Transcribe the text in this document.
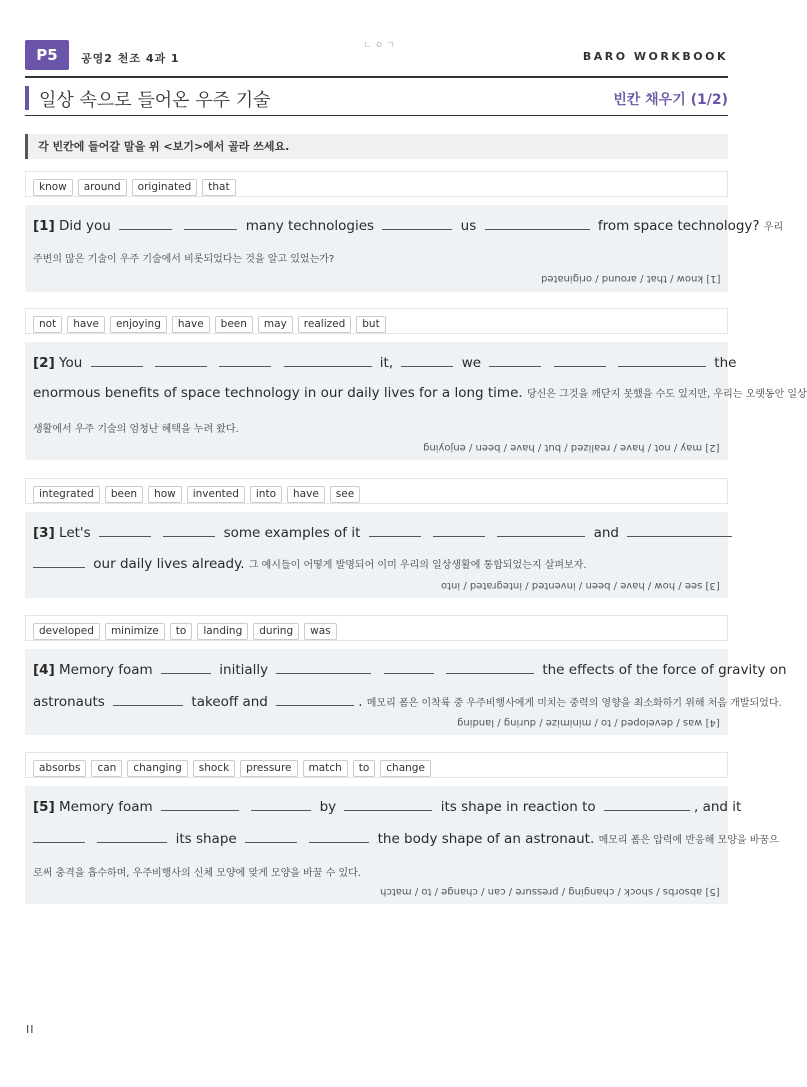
P5	공영2 천조 4과 1
ㄴㅇㄱ
BARO WORKBOOK
일상 속으로 들어온 우주 기술	빈칸 채우기 (1/2)
각 빈칸에 들어갈 말을 위 <보기>에서 골라 쓰세요.
know around originated that
[1] Did you	many technologies	us	from space technology? 우리
주변의 많은 기술이 우주 기술에서 비롯되었다는 것을 알고 있었는가?
[1] know / that / around / originated
not have enjoying have been may realized but
[2] You	it,	we	the
enormous benefits of space technology in our daily lives for a long time. 당신은 그것을 깨닫지 못했을 수도 있지만, 우리는 오랫동안 일상
생활에서 우주 기술의 엄청난 혜택을 누려 왔다.
[2] may / not / have / realized / but / have / been / enjoying
integrated been how invented into have see
[3] Let's	some examples of it	and
our daily lives already. 그 예시들이 어떻게 발명되어 이미 우리의 일상생활에 통합되었는지 살펴보자.
[3] see / how / have / been / invented / integrated / into
developed minimize to landing during was
[4] Memory foam	initially	the effects of the force of gravity on
astronauts	takeoff and	. 메모리 폼은 이착륙 중 우주비행사에게 미치는 중력의 영향을 최소화하기 위해 처음 개발되었다.
[4] was / developed / to / minimize / during / landing
absorbs can changing shock pressure match to change
[5] Memory foam	by	its shape in reaction to	, and it
its shape	the body shape of an astronaut. 메모리 폼은 압력에 반응해 모양을 바꿈으
로써 충격을 흡수하며, 우주비행사의 신체 모양에 맞게 모양을 바꿀 수 있다.
[5] absorbs / shock / changing / pressure / can / change / to / match
II
